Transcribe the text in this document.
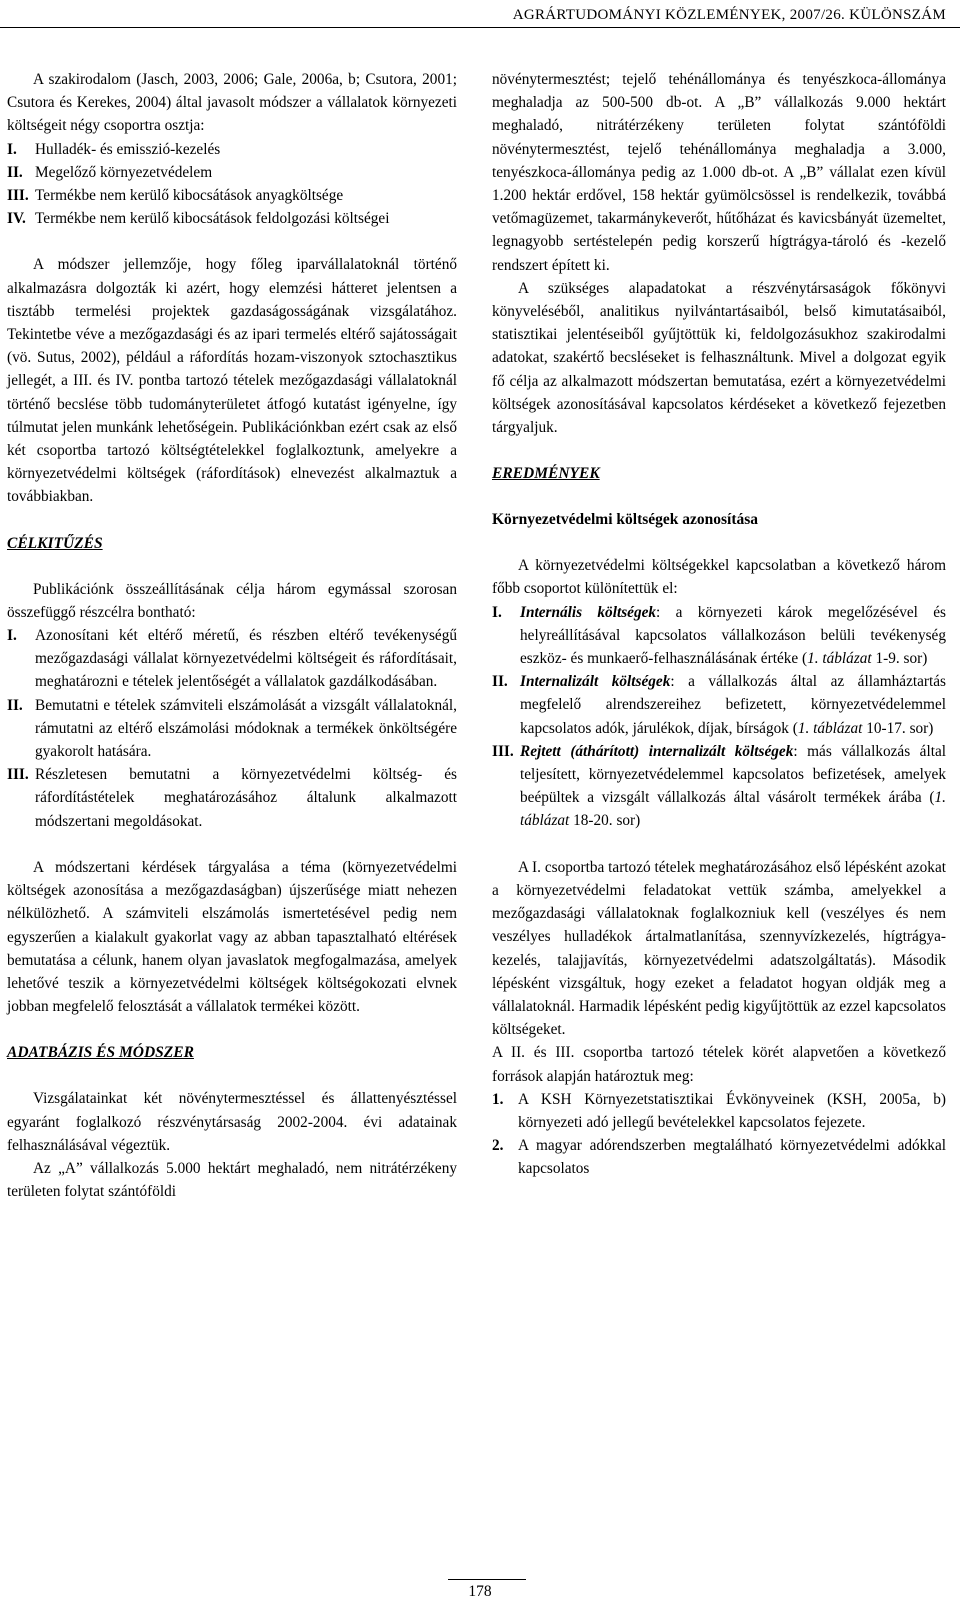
AGRÁRTUDOMÁNYI KÖZLEMÉNYEK, 2007/26. KÜLÖNSZÁM

A szakirodalom (Jasch, 2003, 2006; Gale, 2006a, b; Csutora, 2001; Csutora és Kerekes, 2004) által javasolt módszer a vállalatok környezeti költségeit négy csoportra osztja:

I.	Hulladék- és emisszió-kezelés
II. Megelőző környezetvédelem
III. Termékbe nem kerülő kibocsátások anyagköltsége
IV. Termékbe nem kerülő kibocsátások feldolgozási költségei

A módszer jellemzője, hogy főleg iparvállalatoknál történő alkalmazásra dolgozták ki azért, hogy elemzési hátteret jelentsen a tisztább termelési projektek gazdaságosságának vizsgálatához. Tekintetbe véve a mezőgazdasági és az ipari termelés eltérő sajátosságait (vö. Sutus, 2002), például a ráfordítás hozam-viszonyok sztochasztikus jellegét, a III. és IV. pontba tartozó tételek mezőgazdasági vállalatoknál történő becslése több tudományterületet átfogó kutatást igényelne, így túlmutat jelen munkánk lehetőségein. Publikációnkban ezért csak az első két csoportba tartozó költségtételekkel foglalkoztunk, amelyekre a környezetvédelmi költségek (ráfordítások) elnevezést alkalmaztuk a továbbiakban.

CÉLKITŰZÉS

Publikációnk összeállításának célja három egymással szorosan összefüggő részcélra bontható:

I.	Azonosítani két eltérő méretű, és részben eltérő tevékenységű mezőgazdasági vállalat környezetvédelmi költségeit és ráfordításait, meghatározni e tételek jelentőségét a vállalatok gazdálkodásában.
II. Bemutatni e tételek számviteli elszámolását a vizsgált vállalatoknál, rámutatni az eltérő elszámolási módoknak a termékek önköltségére gyakorolt hatására.
III. Részletesen bemutatni a környezetvédelmi költség- és ráfordítástételek meghatározásához általunk alkalmazott módszertani megoldásokat.

A módszertani kérdések tárgyalása a téma (környezetvédelmi költségek azonosítása a mezőgazdaságban) újszerűsége miatt nehezen nélkülözhető. A számviteli elszámolás ismertetésével pedig nem egyszerűen a kialakult gyakorlat vagy az abban tapasztalható eltérések bemutatása a célunk, hanem olyan javaslatok megfogalmazása, amelyek lehetővé teszik a környezetvédelmi költségek költségokozati elvnek jobban megfelelő felosztását a vállalatok termékei között.

ADATBÁZIS ÉS MÓDSZER

Vizsgálatainkat két növénytermesztéssel és állattenyésztéssel egyaránt foglalkozó részvénytársaság 2002-2004. évi adatainak felhasználásával végeztük.

Az „A” vállalkozás 5.000 hektárt meghaladó, nem nitrátérzékeny területen folytat szántóföldi

növénytermesztést; tejelő tehénállománya és tenyészkoca-állománya meghaladja az 500-500 db-ot. A „B” vállalkozás 9.000 hektárt meghaladó, nitrátérzékeny területen folytat szántóföldi növénytermesztést, tejelő tehénállománya meghaladja a 3.000, tenyészkoca-állománya pedig az 1.000 db-ot. A „B” vállalat ezen kívül 1.200 hektár erdővel, 158 hektár gyümölcsössel is rendelkezik, továbbá vetőmagüzemet, takarmánykeverőt, hűtőházat és kavicsbányát üzemeltet, legnagyobb sertéstelepén pedig korszerű hígtrágya-tároló és -kezelő rendszert épített ki.

A szükséges alapadatokat a részvénytársaságok főkönyvi könyveléséből, analitikus nyilvántartásaiból, belső kimutatásaiból, statisztikai jelentéseiből gyűjtöttük ki, feldolgozásukhoz szakirodalmi adatokat, szakértő becsléseket is felhasználtunk. Mivel a dolgozat egyik fő célja az alkalmazott módszertan bemutatása, ezért a környezetvédelmi költségek azonosításával kapcsolatos kérdéseket a következő fejezetben tárgyaljuk.

EREDMÉNYEK
Környezetvédelmi költségek azonosítása

A környezetvédelmi költségekkel kapcsolatban a következő három főbb csoportot különítettük el:

I.	Internális költségek: a környezeti károk megelőzésével és helyreállításával kapcsolatos vállalkozáson belüli tevékenység eszköz- és munkaerő-felhasználásának értéke (1. táblázat 1-9. sor)
II. Internalizált költségek: a vállalkozás által az államháztartás megfelelő alrendszereihez befizetett, környezetvédelemmel kapcsolatos adók, járulékok, díjak, bírságok (1. táblázat 10-17. sor)
III. Rejtett (áthárított) internalizált költségek: más vállalkozás által teljesített, környezetvédelemmel kapcsolatos befizetések, amelyek beépültek a vizsgált vállalkozás által vásárolt termékek árába (1. táblázat 18-20. sor)

A I. csoportba tartozó tételek meghatározásához első lépésként azokat a környezetvédelmi feladatokat vettük számba, amelyekkel a mezőgazdasági vállalatoknak foglalkozniuk kell (veszélyes és nem veszélyes hulladékok ártalmatlanítása, szennyvízkezelés, hígtrágya-kezelés, talajjavítás, környezetvédelmi adatszolgáltatás). Második lépésként vizsgáltuk, hogy ezeket a feladatot hogyan oldják meg a vállalatoknál. Harmadik lépésként pedig kigyűjtöttük az ezzel kapcsolatos költségeket.

A II. és III. csoportba tartozó tételek körét alapvetően a következő források alapján határoztuk meg:

1. A KSH Környezetstatisztikai Évkönyveinek (KSH, 2005a, b) környezeti adó jellegű bevételekkel kapcsolatos fejezete.
2. A magyar adórendszerben megtalálható környezetvédelmi adókkal kapcsolatos
178
